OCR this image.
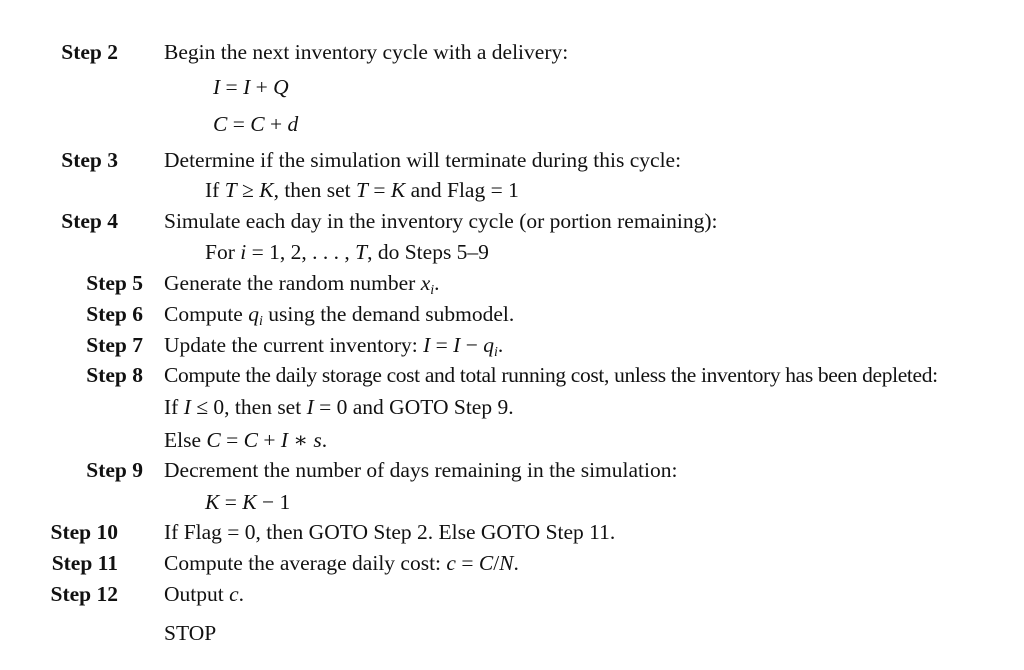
Step 2 Begin the next inventory cycle with a delivery:
I = I + Q
C = C + d
Step 3 Determine if the simulation will terminate during this cycle:
If T ≥ K, then set T = K and Flag = 1
Step 4 Simulate each day in the inventory cycle (or portion remaining):
For i = 1, 2, . . . , T, do Steps 5–9
Step 5 Generate the random number $x_i$.
Step 6 Compute $q_i$ using the demand submodel.
Step 7 Update the current inventory: $I = I - q_i$.
Step 8 Compute the daily storage cost and total running cost, unless the inventory has been depleted:
If I ≤ 0, then set I = 0 and GOTO Step 9.
Else C = C + I ∗ s.
Step 9 Decrement the number of days remaining in the simulation:
K = K − 1
Step 10 If Flag = 0, then GOTO Step 2. Else GOTO Step 11.
Step 11 Compute the average daily cost: c = C/N.
Step 12 Output c.
STOP
